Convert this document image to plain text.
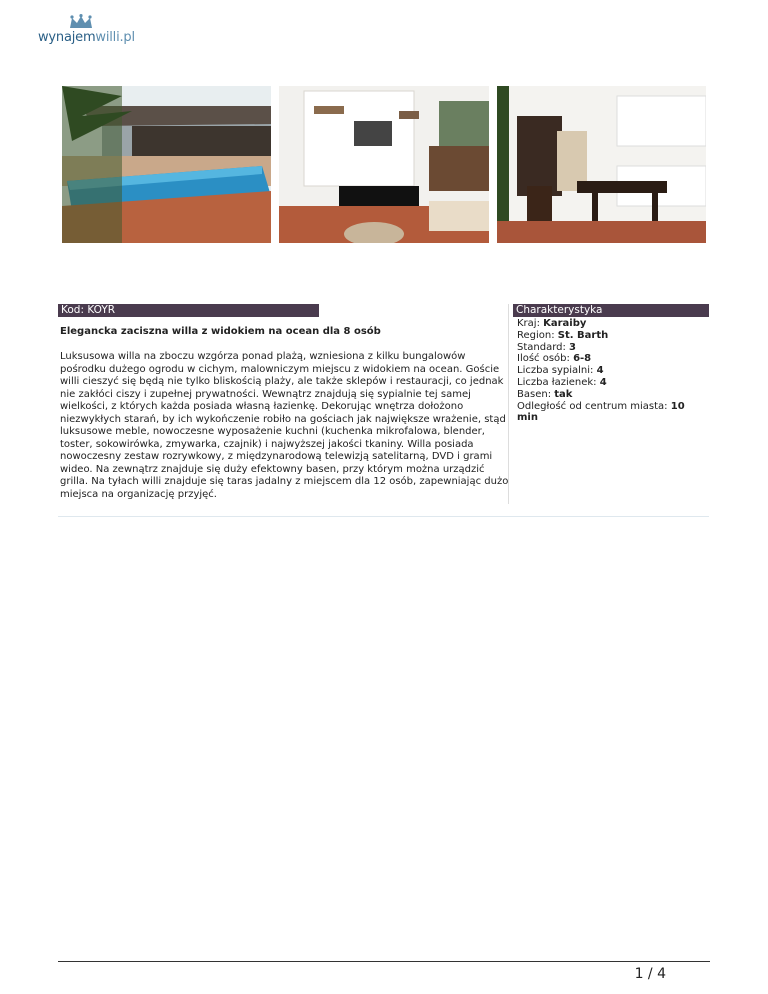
wynajemwilli.pl
Kod: KOYR	Charakterystyka
Elegancka zaciszna willa z widokiem na ocean dla 8 osób
Luksusowa willa na zboczu wzgórza ponad plażą, wzniesiona z kilku bungalowów pośrodku dużego ogrodu w cichym, malowniczym miejscu z widokiem na ocean. Goście willi cieszyć się będą nie tylko bliskością plaży, ale także sklepów i restauracji, co jednak nie zakłóci ciszy i zupełnej prywatności. Wewnątrz znajdują się sypialnie tej samej wielkości, z których każda posiada własną łazienkę. Dekorując wnętrza dołożono niezwykłych starań, by ich wykończenie robiło na gościach jak największe wrażenie, stąd luksusowe meble, nowoczesne wyposażenie kuchni (kuchenka mikrofalowa, blender, toster, sokowirówka, zmywarka, czajnik) i najwyższej jakości tkaniny. Willa posiada nowoczesny zestaw rozrywkowy, z międzynarodową telewizją satelitarną, DVD i grami wideo. Na zewnątrz znajduje się duży efektowny basen, przy którym można urządzić grilla. Na tyłach willi znajduje się taras jadalny z miejscem dla 12 osób, zapewniając dużo miejsca na organizację przyjęć.
Kraj: Karaiby
Region: St. Barth
Standard: 3
Ilość osób: 6-8
Liczba sypialni: 4
Liczba łazienek: 4
Basen: tak
Odległość od centrum miasta: 10 min
1 / 4
